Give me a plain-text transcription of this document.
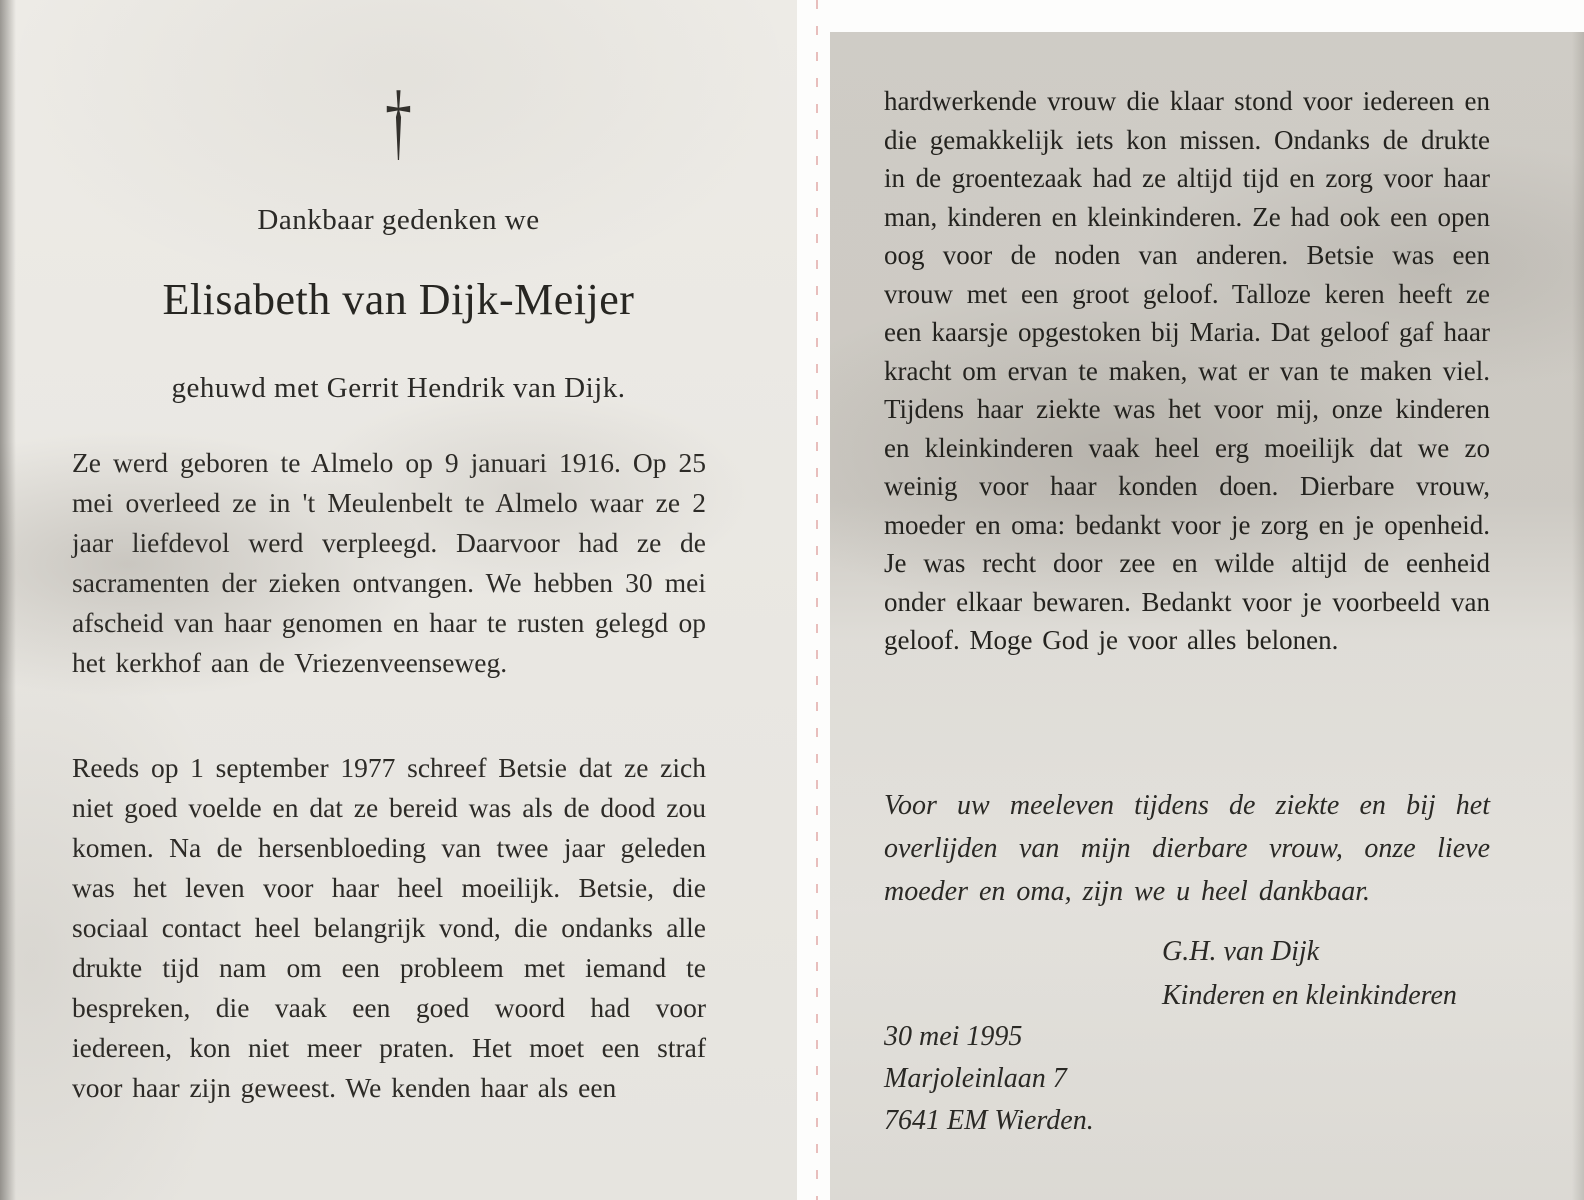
†
Dankbaar gedenken we
Elisabeth van Dijk-Meijer
gehuwd met Gerrit Hendrik van Dijk.
Ze werd geboren te Almelo op 9 januari 1916. Op 25 mei overleed ze in 't Meulenbelt te Almelo waar ze 2 jaar liefdevol werd verpleegd. Daarvoor had ze de sacramenten der zieken ontvangen. We hebben 30 mei afscheid van haar genomen en haar te rusten gelegd op het kerkhof aan de Vriezenveenseweg.
Reeds op 1 september 1977 schreef Betsie dat ze zich niet goed voelde en dat ze bereid was als de dood zou komen. Na de hersenbloeding van twee jaar geleden was het leven voor haar heel moeilijk. Betsie, die sociaal contact heel belangrijk vond, die ondanks alle drukte tijd nam om een probleem met iemand te bespreken, die vaak een goed woord had voor iedereen, kon niet meer praten. Het moet een straf voor haar zijn geweest. We kenden haar als een
hardwerkende vrouw die klaar stond voor iedereen en die gemakkelijk iets kon missen. Ondanks de drukte in de groentezaak had ze altijd tijd en zorg voor haar man, kinderen en kleinkinderen. Ze had ook een open oog voor de noden van anderen. Betsie was een vrouw met een groot geloof. Talloze keren heeft ze een kaarsje opgestoken bij Maria. Dat geloof gaf haar kracht om ervan te maken, wat er van te maken viel. Tijdens haar ziekte was het voor mij, onze kinderen en kleinkinderen vaak heel erg moeilijk dat we zo weinig voor haar konden doen. Dierbare vrouw, moeder en oma: bedankt voor je zorg en je openheid. Je was recht door zee en wilde altijd de eenheid onder elkaar bewaren. Bedankt voor je voorbeeld van geloof. Moge God je voor alles belonen.
Voor uw meeleven tijdens de ziekte en bij het overlijden van mijn dierbare vrouw, onze lieve moeder en oma, zijn we u heel dankbaar.
G.H. van Dijk
Kinderen en kleinkinderen
30 mei 1995
Marjoleinlaan 7
7641 EM Wierden.
